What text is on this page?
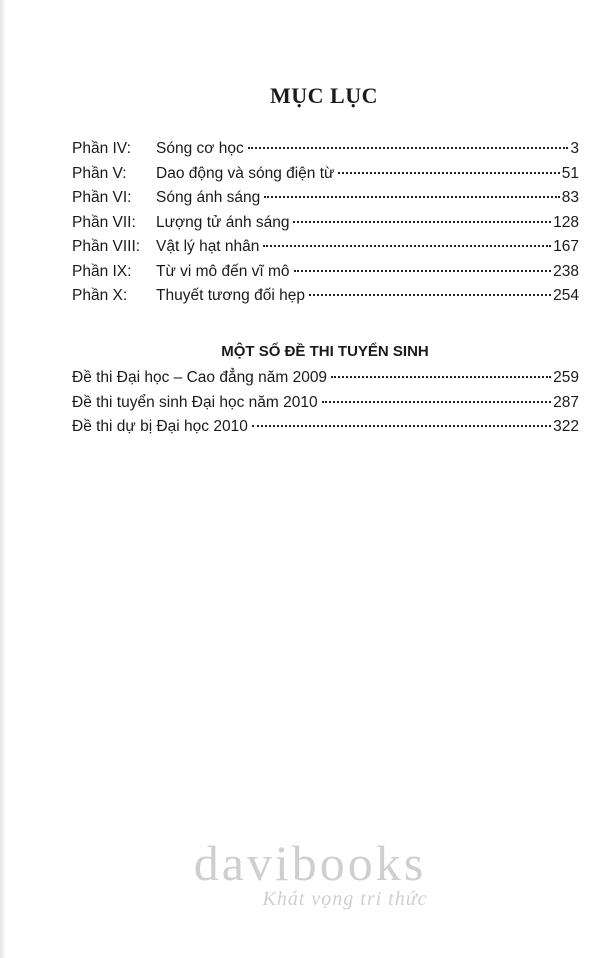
MỤC LỤC
Phần IV:	Sóng cơ học	3
Phần V:	Dao động và sóng điện từ	51
Phần VI:	Sóng ánh sáng	83
Phần VII:	Lượng tử ánh sáng	128
Phần VIII:	Vật lý hạt nhân	167
Phần IX:	Từ vi mô đến vĩ mô	238
Phần X:	Thuyết tương đối hẹp	254
MỘT SỐ ĐỀ THI TUYỂN SINH
Đề thi Đại học – Cao đẳng năm 2009	259
Đề thi tuyển sinh Đại học năm 2010	287
Đề thi dự bị Đại học 2010	322
davibooks
Khát vọng tri thức
